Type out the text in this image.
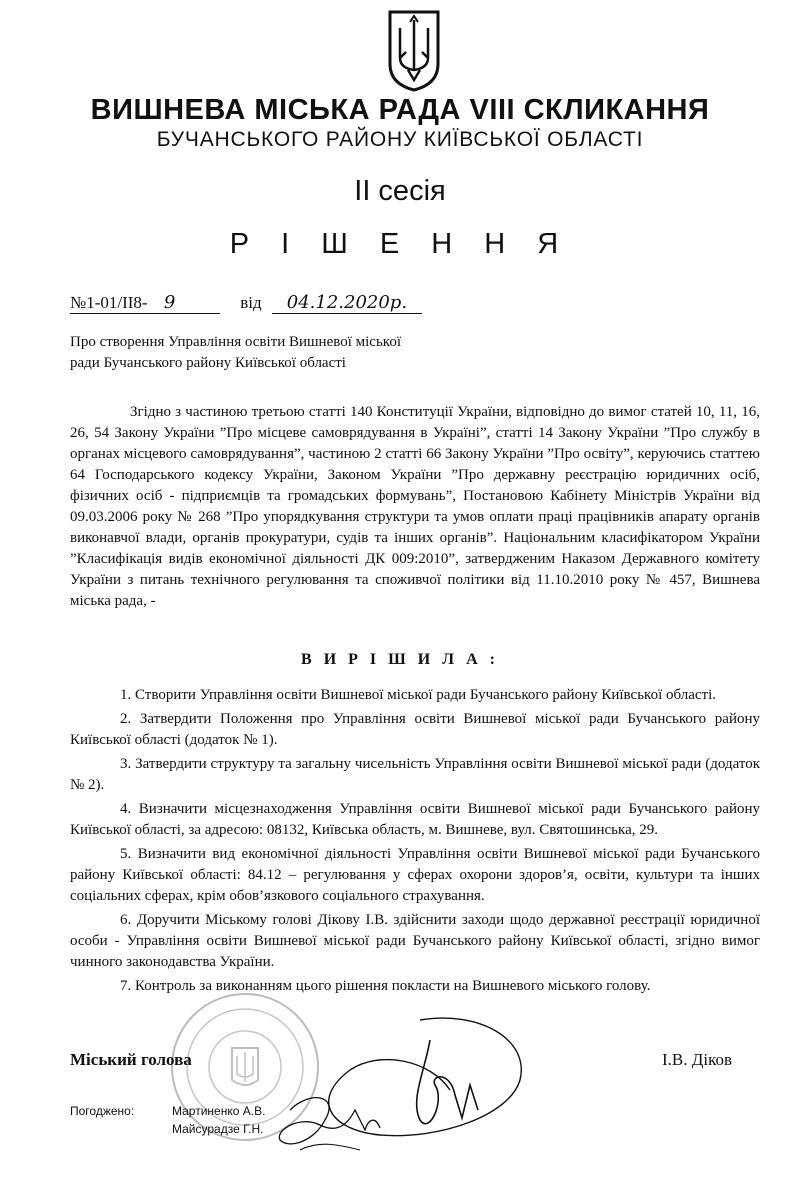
ВИШНЕВА МІСЬКА РАДА VIII СКЛИКАННЯ
БУЧАНСЬКОГО РАЙОНУ КИЇВСЬКОЇ ОБЛАСТІ
ІІ сесія
Р І Ш Е Н Н Я
№1-01/ІІ8- 9	від 04.12.2020р.
Про створення Управління освіти Вишневої міської ради Бучанського району Київської області
Згідно з частиною третьою статті 140 Конституції України, відповідно до вимог статей 10, 11, 16, 26, 54 Закону України ”Про місцеве самоврядування в Україні”, статті 14 Закону України ”Про службу в органах місцевого самоврядування”, частиною 2 статті 66 Закону України ”Про освіту”, керуючись статтею 64 Господарського кодексу України, Законом України ”Про державну реєстрацію юридичних осіб, фізичних осіб - підприємців та громадських формувань”, Постановою Кабінету Міністрів України від 09.03.2006 року № 268 ”Про упорядкування структури та умов оплати праці працівників апарату органів виконавчої влади, органів прокуратури, судів та інших органів”. Національним класифікатором України ”Класифікація видів економічної діяльності ДК 009:2010”, затвердженим Наказом Державного комітету України з питань технічного регулювання та споживчої політики від 11.10.2010 року № 457, Вишнева міська рада, -
В И Р І Ш И Л А :

1. Створити Управління освіти Вишневої міської ради Бучанського району Київської області.

2. Затвердити Положення про Управління освіти Вишневої міської ради Бучанського району Київської області (додаток № 1).

3. Затвердити структуру та загальну чисельність Управління освіти Вишневої міської ради (додаток № 2).

4. Визначити місцезнаходження Управління освіти Вишневої міської ради Бучанського району Київської області, за адресою: 08132, Київська область, м. Вишневе, вул. Святошинська, 29.

5. Визначити вид економічної діяльності Управління освіти Вишневої міської ради Бучанського району Київської області: 84.12 – регулювання у сферах охорони здоров’я, освіти, культури та інших соціальних сферах, крім обов’язкового соціального страхування.

6. Доручити Міському голові Дікову І.В. здійснити заходи щодо державної реєстрації юридичної особи - Управління освіти Вишневої міської ради Бучанського району Київської області, згідно вимог чинного законодавства України.

7. Контроль за виконанням цього рішення покласти на Вишневого міського голову.

Міський голова	І.В. Діков
Погоджено:	Мартиненко А.В.
Майсурадзе Г.Н.
